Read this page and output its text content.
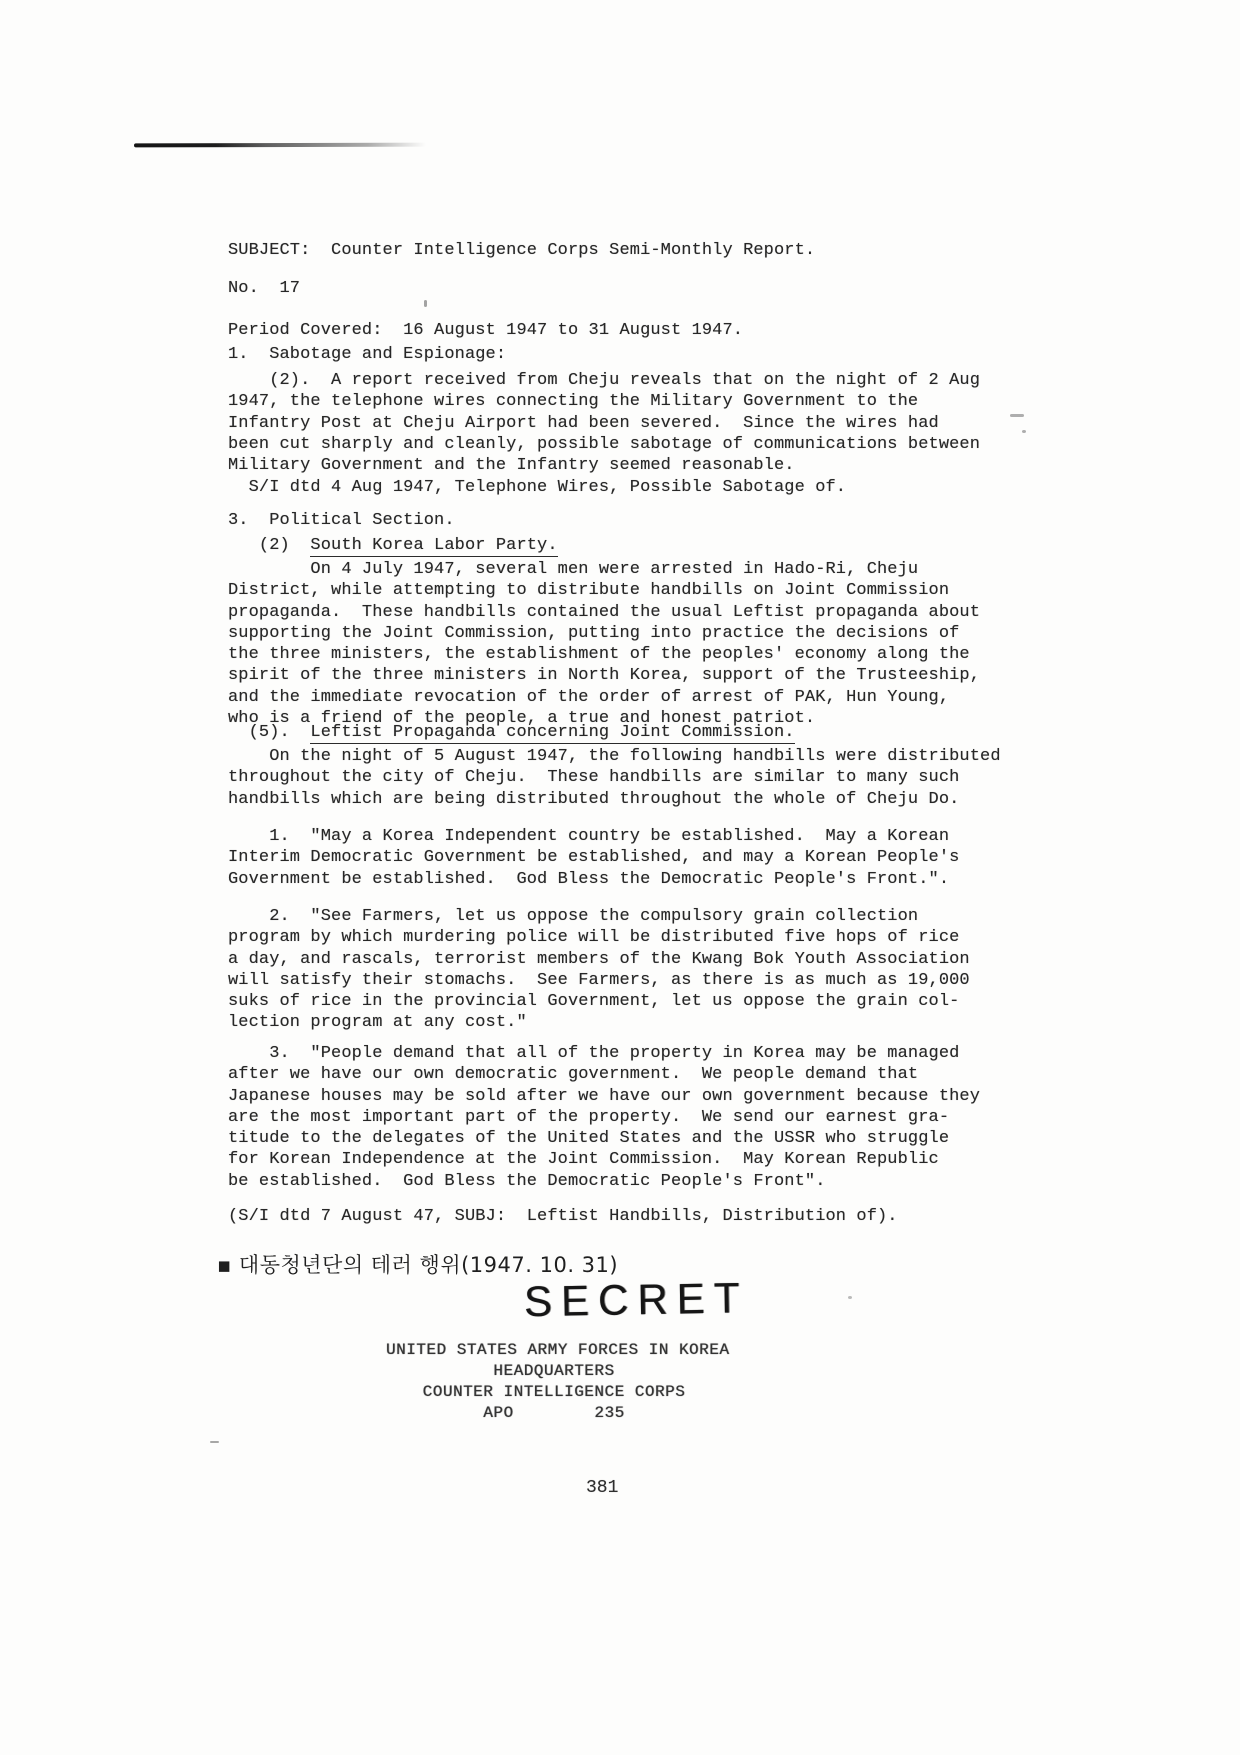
SUBJECT:  Counter Intelligence Corps Semi-Monthly Report.
No.  17
Period Covered:  16 August 1947 to 31 August 1947.
1.  Sabotage and Espionage:
(2).  A report received from Cheju reveals that on the night of 2 Aug
1947, the telephone wires connecting the Military Government to the
Infantry Post at Cheju Airport had been severed.  Since the wires had
been cut sharply and cleanly, possible sabotage of communications between
Military Government and the Infantry seemed reasonable.
S/I dtd 4 Aug 1947, Telephone Wires, Possible Sabotage of.
3.  Political Section.
(2)  South Korea Labor Party.
On 4 July 1947, several men were arrested in Hado-Ri, Cheju
District, while attempting to distribute handbills on Joint Commission
propaganda.  These handbills contained the usual Leftist propaganda about
supporting the Joint Commission, putting into practice the decisions of
the three ministers, the establishment of the peoples' economy along the
spirit of the three ministers in North Korea, support of the Trusteeship,
and the immediate revocation of the order of arrest of PAK, Hun Young,
who is a friend of the people, a true and honest patriot.
(5).  Leftist Propaganda concerning Joint Commission.
On the night of 5 August 1947, the following handbills were distributed
throughout the city of Cheju.  These handbills are similar to many such
handbills which are being distributed throughout the whole of Cheju Do.
1.  "May a Korea Independent country be established.  May a Korean
Interim Democratic Government be established, and may a Korean People's
Government be established.  God Bless the Democratic People's Front.".
2.  "See Farmers, let us oppose the compulsory grain collection
program by which murdering police will be distributed five hops of rice
a day, and rascals, terrorist members of the Kwang Bok Youth Association
will satisfy their stomachs.  See Farmers, as there is as much as 19,000
suks of rice in the provincial Government, let us oppose the grain col-
lection program at any cost."
3.  "People demand that all of the property in Korea may be managed
after we have our own democratic government.  We people demand that
Japanese houses may be sold after we have our own government because they
are the most important part of the property.  We send our earnest gra-
titude to the delegates of the United States and the USSR who struggle
for Korean Independence at the Joint Commission.  May Korean Republic
be established.  God Bless the Democratic People's Front".
(S/I dtd 7 August 47, SUBJ:  Leftist Handbills, Distribution of).
▪ 대동청년단의 테러 행위(1947. 10. 31)
SECRET
UNITED STATES ARMY FORCES IN KOREA
HEADQUARTERS
COUNTER INTELLIGENCE CORPS
APO        235
381
